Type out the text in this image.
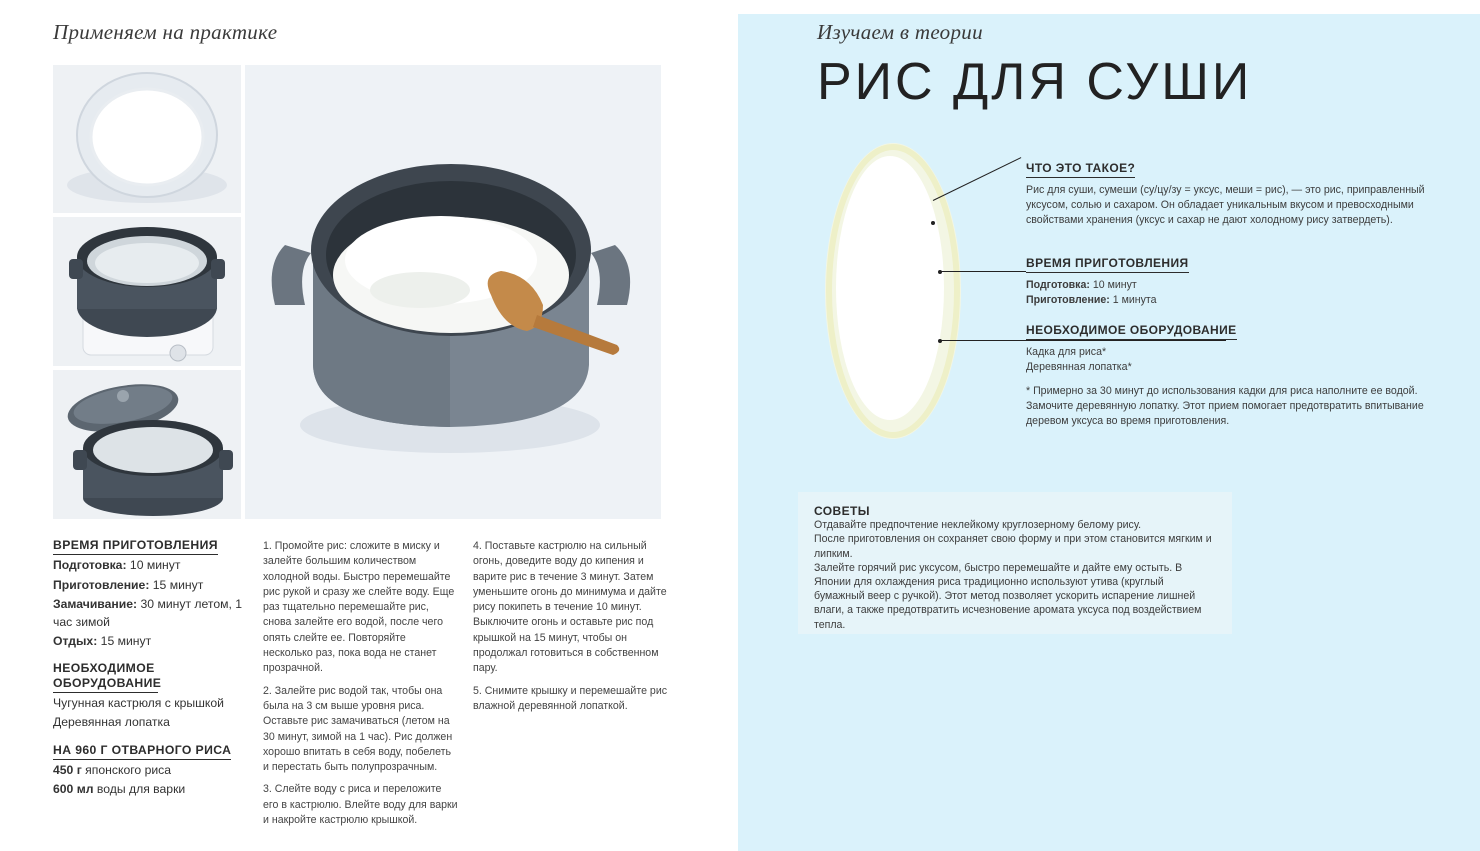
Применяем на практике
ВРЕМЯ ПРИГОТОВЛЕНИЯ
Подготовка: 10 минут
Приготовление: 15 минут
Замачивание: 30 минут летом, 1 час зимой
Отдых: 15 минут
НЕОБХОДИМОЕ ОБОРУДОВАНИЕ
Чугунная кастрюля с крышкой
Деревянная лопатка
НА 960 Г ОТВАРНОГО РИСА
450 г японского риса
600 мл воды для варки

1. Промойте рис: сложите в миску и залейте большим количеством холодной воды. Быстро перемешайте рис рукой и сразу же слейте воду. Еще раз тщательно перемешайте рис, снова залейте его водой, после чего опять слейте ее. Повторяйте несколько раз, пока вода не станет прозрачной.

2. Залейте рис водой так, чтобы она была на 3 см выше уровня риса. Оставьте рис замачиваться (летом на 30 минут, зимой на 1 час). Рис должен хорошо впитать в себя воду, побелеть и перестать быть полупрозрачным.

3. Слейте воду с риса и переложите его в кастрюлю. Влейте воду для варки и накройте кастрюлю крышкой.

4. Поставьте кастрюлю на сильный огонь, доведите воду до кипения и варите рис в течение 3 минут. Затем уменьшите огонь до минимума и дайте рису покипеть в течение 10 минут. Выключите огонь и оставьте рис под крышкой на 15 минут, чтобы он продолжал готовиться в собственном пару.

5. Снимите крышку и перемешайте рис влажной деревянной лопаткой.

Изучаем в теории
РИС ДЛЯ СУШИ
ЧТО ЭТО ТАКОЕ?

Рис для суши, сумеши (су/цу/зу = уксус, меши = рис), — это рис, приправленный уксусом, солью и сахаром. Он обладает уникальным вкусом и превосходными свойствами хранения (уксус и сахар не дают холодному рису затвердеть).

ВРЕМЯ ПРИГОТОВЛЕНИЯ
Подготовка: 10 минут
Приготовление: 1 минута
НЕОБХОДИМОЕ ОБОРУДОВАНИЕ
Кадка для риса*
Деревянная лопатка*

* Примерно за 30 минут до использования кадки для риса наполните ее водой. Замочите деревянную лопатку. Этот прием помогает предотвратить впитывание деревом уксуса во время приготовления.

СОВЕТЫ
Отдавайте предпочтение неклейкому круглозерному белому рису.
После приготовления он сохраняет свою форму и при этом становится мягким и липким.
Залейте горячий рис уксусом, быстро перемешайте и дайте ему остыть. В Японии для охлаждения риса традиционно используют утива (круглый бумажный веер с ручкой). Этот метод позволяет ускорить испарение лишней влаги, а также предотвратить исчезновение аромата уксуса под воздействием тепла.
